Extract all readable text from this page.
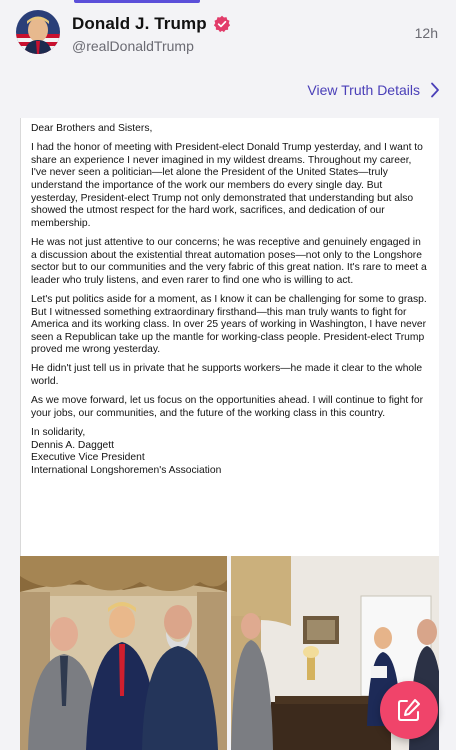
Donald J. Trump
@realDonaldTrump
12h
View Truth Details

Dear Brothers and Sisters,

I had the honor of meeting with President-elect Donald Trump yesterday, and I want to share an experience I never imagined in my wildest dreams. Throughout my career, I've never seen a politician—let alone the President of the United States—truly understand the importance of the work our members do every single day. But yesterday, President-elect Trump not only demonstrated that understanding but also showed the utmost respect for the hard work, sacrifices, and dedication of our membership.

He was not just attentive to our concerns; he was receptive and genuinely engaged in a discussion about the existential threat automation poses—not only to the Longshore sector but to our communities and the very fabric of this great nation. It's rare to meet a leader who truly listens, and even rarer to find one who is willing to act.

Let's put politics aside for a moment, as I know it can be challenging for some to grasp. But I witnessed something extraordinary firsthand—this man truly wants to fight for America and its working class. In over 25 years of working in Washington, I have never seen a Republican take up the mantle for working-class people. President-elect Trump proved me wrong yesterday.

He didn't just tell us in private that he supports workers—he made it clear to the whole world.

As we move forward, let us focus on the opportunities ahead. I will continue to fight for your jobs, our communities, and the future of the working class in this country.

In solidarity,
Dennis A. Daggett
Executive Vice President
International Longshoremen's Association
